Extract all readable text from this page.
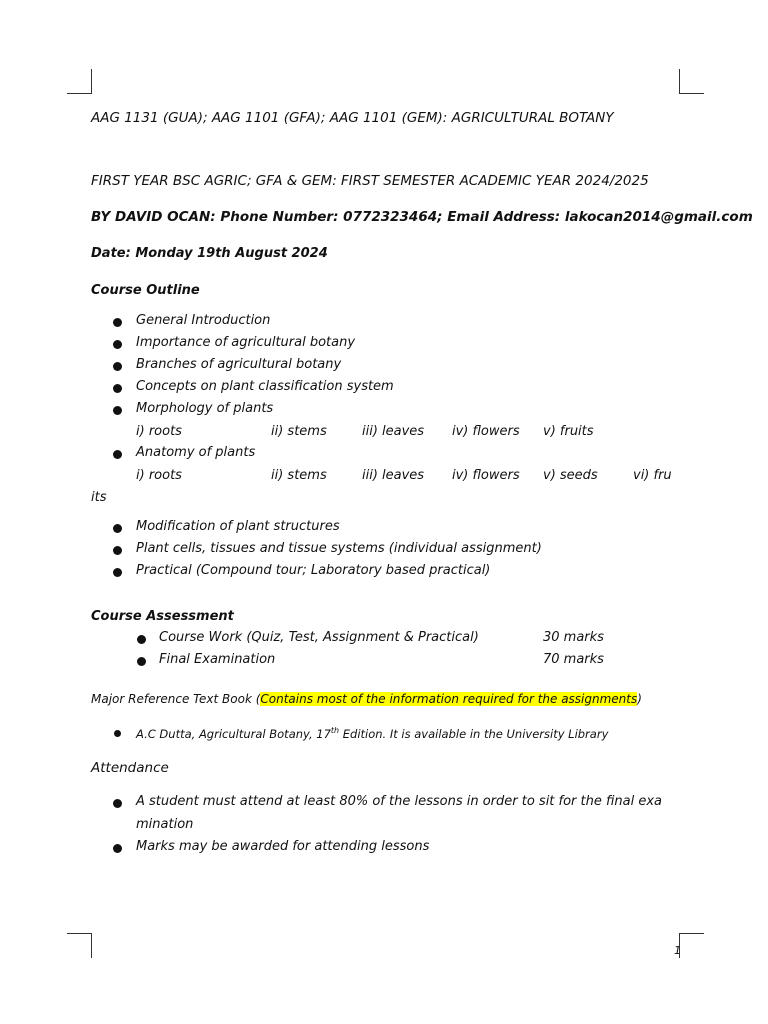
AAG 1131 (GUA); AAG 1101 (GFA); AAG 1101 (GEM): AGRICULTURAL BOTANY
FIRST YEAR BSC AGRIC; GFA & GEM: FIRST SEMESTER ACADEMIC YEAR 2024/2025
BY DAVID OCAN: Phone Number: 0772323464; Email Address: lakocan2014@gmail.com
Date: Monday 19th August 2024
Course Outline
General Introduction
Importance of agricultural botany
Branches of agricultural botany
Concepts on plant classification system
Morphology of plants
i) roots	ii) stems	iii) leaves iv) flowers v) fruits
Anatomy of plants
i) roots	ii) stems	iii) leaves iv) flowers v) seeds	vi) fru
its
Modification of plant structures
Plant cells, tissues and tissue systems (individual assignment)
Practical (Compound tour; Laboratory based practical)
Course Assessment
Course Work (Quiz, Test, Assignment & Practical)	30 marks
Final Examination	70 marks
Major Reference Text Book (Contains most of the information required for the assignments)
A.C Dutta, Agricultural Botany, 17th Edition. It is available in the University Library
Attendance
A student must attend at least 80% of the lessons in order to sit for the final exa
mination
Marks may be awarded for attending lessons
1
